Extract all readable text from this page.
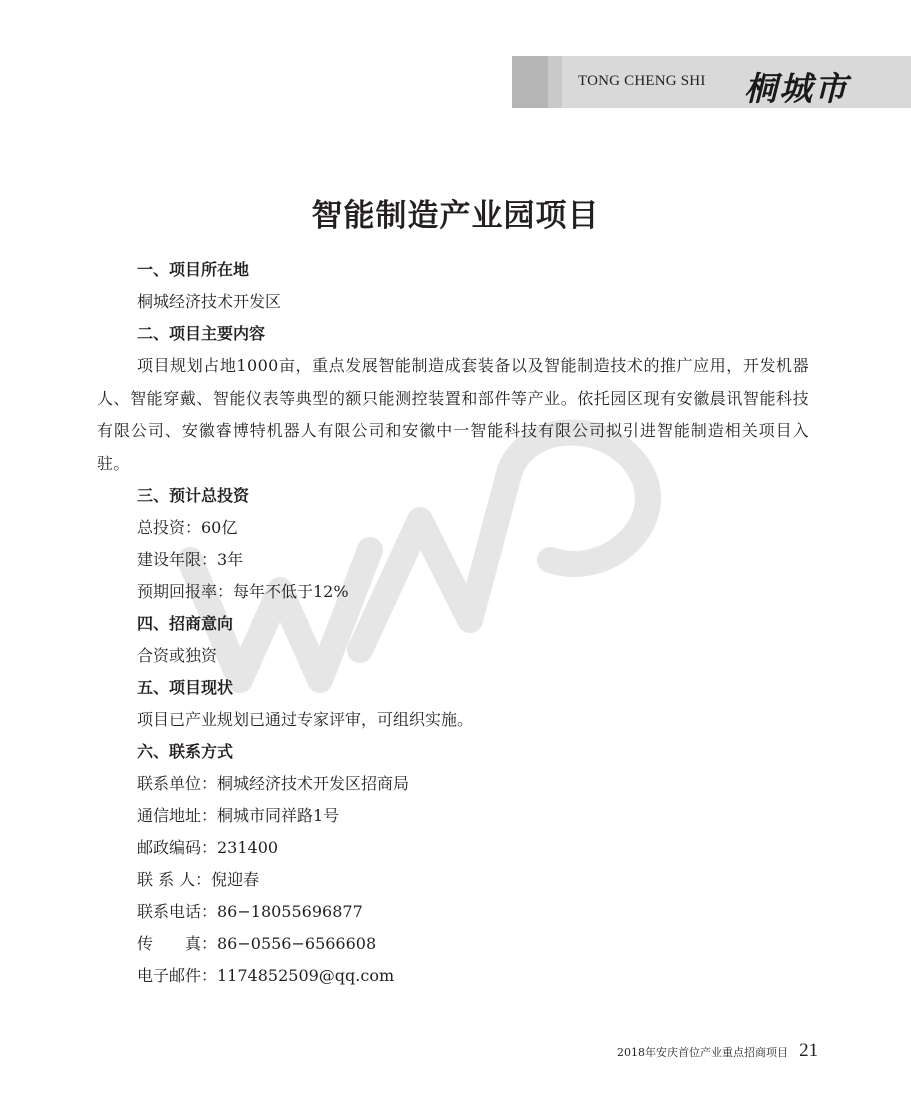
TONG CHENG SHI 桐城市
智能制造产业园项目
一、项目所在地
桐城经济技术开发区
二、项目主要内容
项目规划占地1000亩，重点发展智能制造成套装备以及智能制造技术的推广应用，开发机器人、智能穿戴、智能仪表等典型的额只能测控装置和部件等产业。依托园区现有安徽晨讯智能科技有限公司、安徽睿博特机器人有限公司和安徽中一智能科技有限公司拟引进智能制造相关项目入驻。
三、预计总投资
总投资：60亿
建设年限：3年
预期回报率：每年不低于12%
四、招商意向
合资或独资
五、项目现状
项目已产业规划已通过专家评审，可组织实施。
六、联系方式
联系单位：桐城经济技术开发区招商局
通信地址：桐城市同祥路1号
邮政编码：231400
联 系 人：倪迎春
联系电话：86−18055696877
传　　真：86−0556−6566608
电子邮件：1174852509@qq.com
2018年安庆首位产业重点招商项目 21
